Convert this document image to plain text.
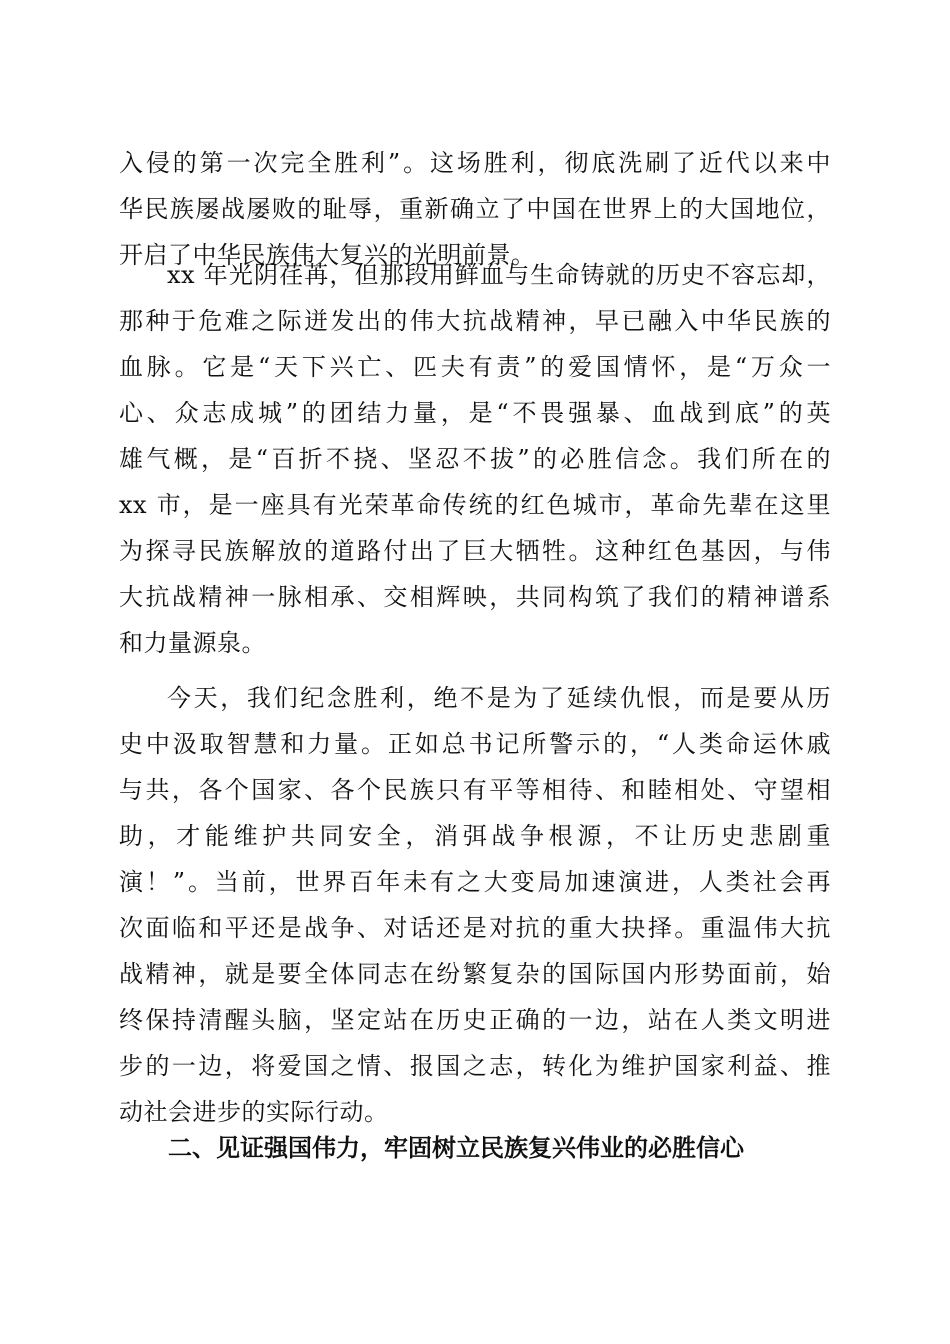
入侵的第一次完全胜利”。这场胜利，彻底洗刷了近代以来中
华民族屡战屡败的耻辱，重新确立了中国在世界上的大国地位，
开启了中华民族伟大复兴的光明前景。
xx 年光阴荏苒，但那段用鲜血与生命铸就的历史不容忘却，
那种于危难之际迸发出的伟大抗战精神，早已融入中华民族的
血脉。它是“天下兴亡、匹夫有责”的爱国情怀，是“万众一
心、众志成城”的团结力量，是“不畏强暴、血战到底”的英
雄气概，是“百折不挠、坚忍不拔”的必胜信念。我们所在的
xx 市，是一座具有光荣革命传统的红色城市，革命先辈在这里
为探寻民族解放的道路付出了巨大牺牲。这种红色基因，与伟
大抗战精神一脉相承、交相辉映，共同构筑了我们的精神谱系
和力量源泉。
今天，我们纪念胜利，绝不是为了延续仇恨，而是要从历
史中汲取智慧和力量。正如总书记所警示的，“人类命运休戚
与共，各个国家、各个民族只有平等相待、和睦相处、守望相
助，才能维护共同安全，消弭战争根源，不让历史悲剧重
演！”。当前，世界百年未有之大变局加速演进，人类社会再
次面临和平还是战争、对话还是对抗的重大抉择。重温伟大抗
战精神，就是要全体同志在纷繁复杂的国际国内形势面前，始
终保持清醒头脑，坚定站在历史正确的一边，站在人类文明进
步的一边，将爱国之情、报国之志，转化为维护国家利益、推
动社会进步的实际行动。
二、见证强国伟力，牢固树立民族复兴伟业的必胜信心
